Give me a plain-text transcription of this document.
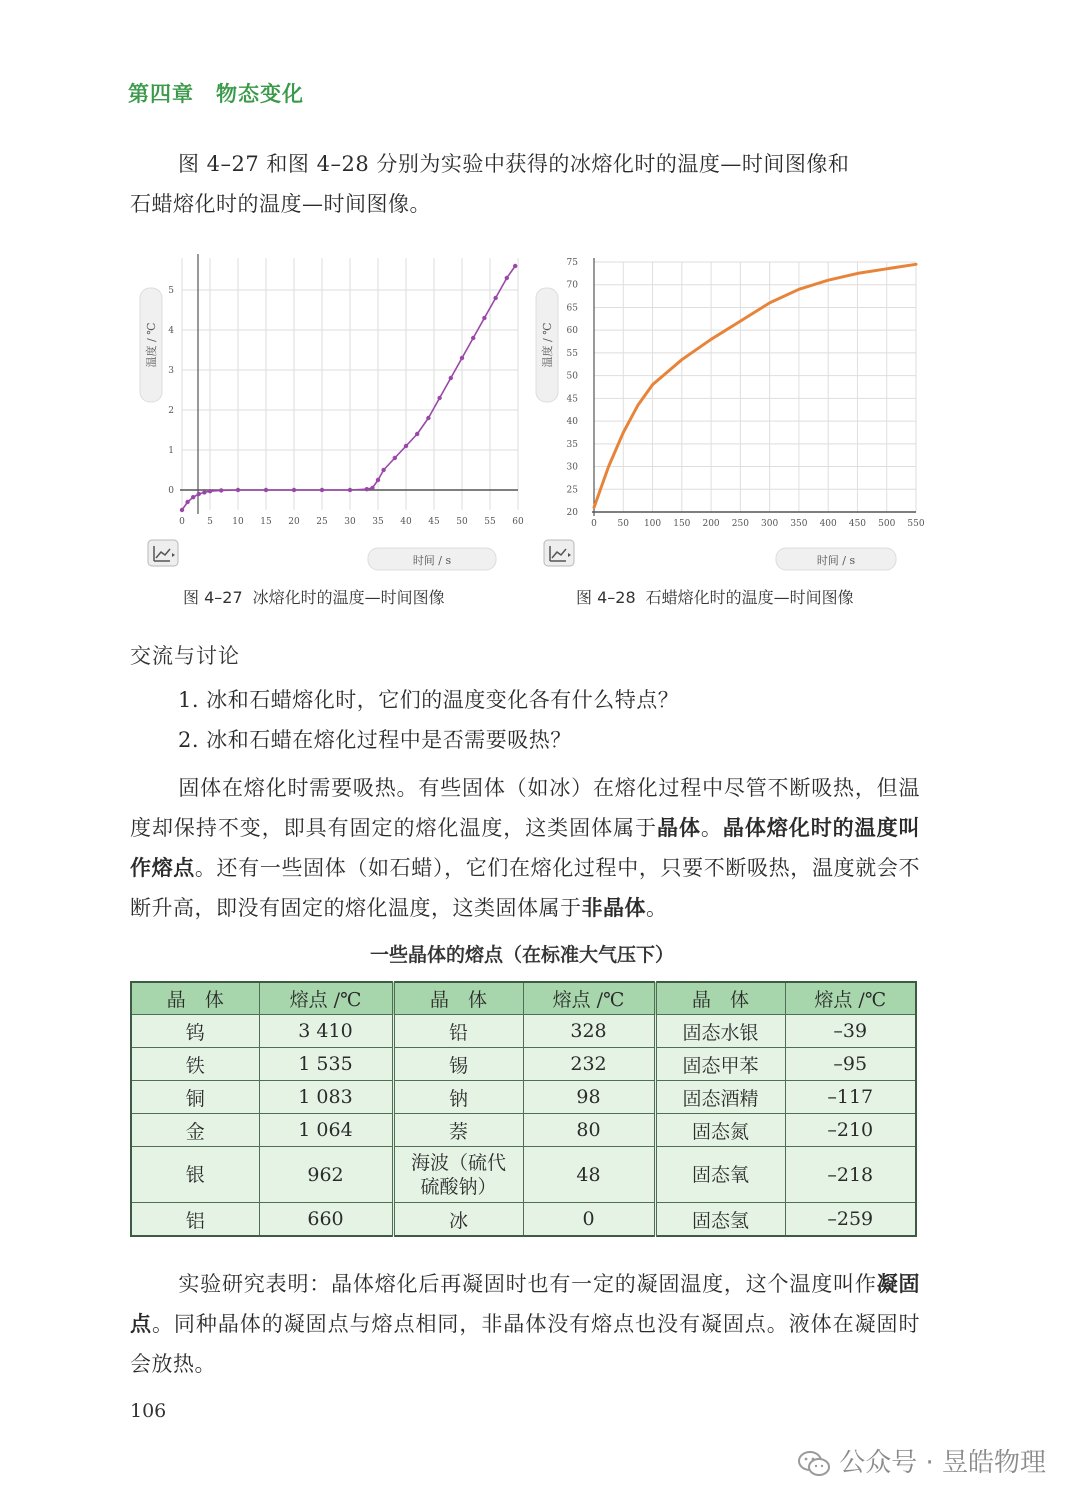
第四章 物态变化
图 4–27 和图 4–28 分别为实验中获得的冰熔化时的温度—时间图像和
石蜡熔化时的温度—时间图像。
温度 / ℃
0 5 10 15 20 25 30 35 40 45 50 55 60
0
1
2
3
4
5
时间 / s
图 4–27 冰熔化时的温度—时间图像
温度 / ℃
0 50 100 150 200 250 300 350 400 450 500 550
20
25
30
35
40
45
50
55
60
65
70
75
时间 / s
图 4–28 石蜡熔化时的温度—时间图像
交流与讨论
1. 冰和石蜡熔化时，它们的温度变化各有什么特点？
2. 冰和石蜡在熔化过程中是否需要吸热？
固体在熔化时需要吸热。有些固体（如冰）在熔化过程中尽管不断吸热，但温度却保持不变，即具有固定的熔化温度，这类固体属于晶体。晶体熔化时的温度叫作熔点。还有一些固体（如石蜡），它们在熔化过程中，只要不断吸热，温度就会不断升高，即没有固定的熔化温度，这类固体属于非晶体。
一些晶体的熔点（在标准大气压下）
晶　体	熔点 /℃	晶　体	熔点 /℃	晶　体	熔点 /℃
钨	3 410	铅	328	固态水银	–39
铁	1 535	锡	232	固态甲苯	–95
铜	1 083	钠	98	固态酒精	–117
金	1 064	萘	80	固态氮	–210
银	962	海波（硫代硫酸钠）	48	固态氧	–218
铝	660	冰	0	固态氢	–259
实验研究表明：晶体熔化后再凝固时也有一定的凝固温度，这个温度叫作凝固点。同种晶体的凝固点与熔点相同，非晶体没有熔点也没有凝固点。液体在凝固时会放热。
106
公众号 · 昱皓物理
